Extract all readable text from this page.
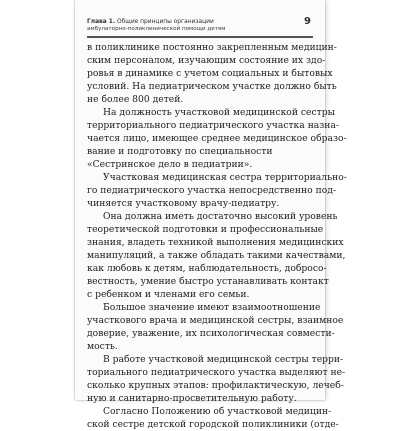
Глава 1. Общие принципы организации
амбулаторно-поликлинической помощи детям
9
в поликлинике постоянно закрепленным медицин-
ским персоналом, изучающим состояние их здо-
ровья в динамике с учетом социальных и бытовых
условий. На педиатрическом участке должно быть
не более 800 детей.
На должность участковой медицинской сестры
территориального педиатрического участка назна-
чается лицо, имеющее среднее медицинское образо-
вание и подготовку по специальности
«Сестринское дело в педиатрии».
Участковая медицинская сестра территориально-
го педиатрического участка непосредственно под-
чиняется участковому врачу-педиатру.
Она должна иметь достаточно высокий уровень
теоретической подготовки и профессиональные
знания, владеть техникой выполнения медицинских
манипуляций, а также обладать такими качествами,
как любовь к детям, наблюдательность, добросо-
вестность, умение быстро устанавливать контакт
с ребенком и членами его семьи.
Большое значение имеют взаимоотношение
участкового врача и медицинской сестры, взаимное
доверие, уважение, их психологическая совмести-
мость.
В работе участковой медицинской сестры терри-
ториального педиатрического участка выделяют не-
сколько крупных этапов: профилактическую, лечеб-
ную и санитарно-просветительную работу.
Согласно Положению об участковой медицин-
ской сестре детской городской поликлиники (отде-
